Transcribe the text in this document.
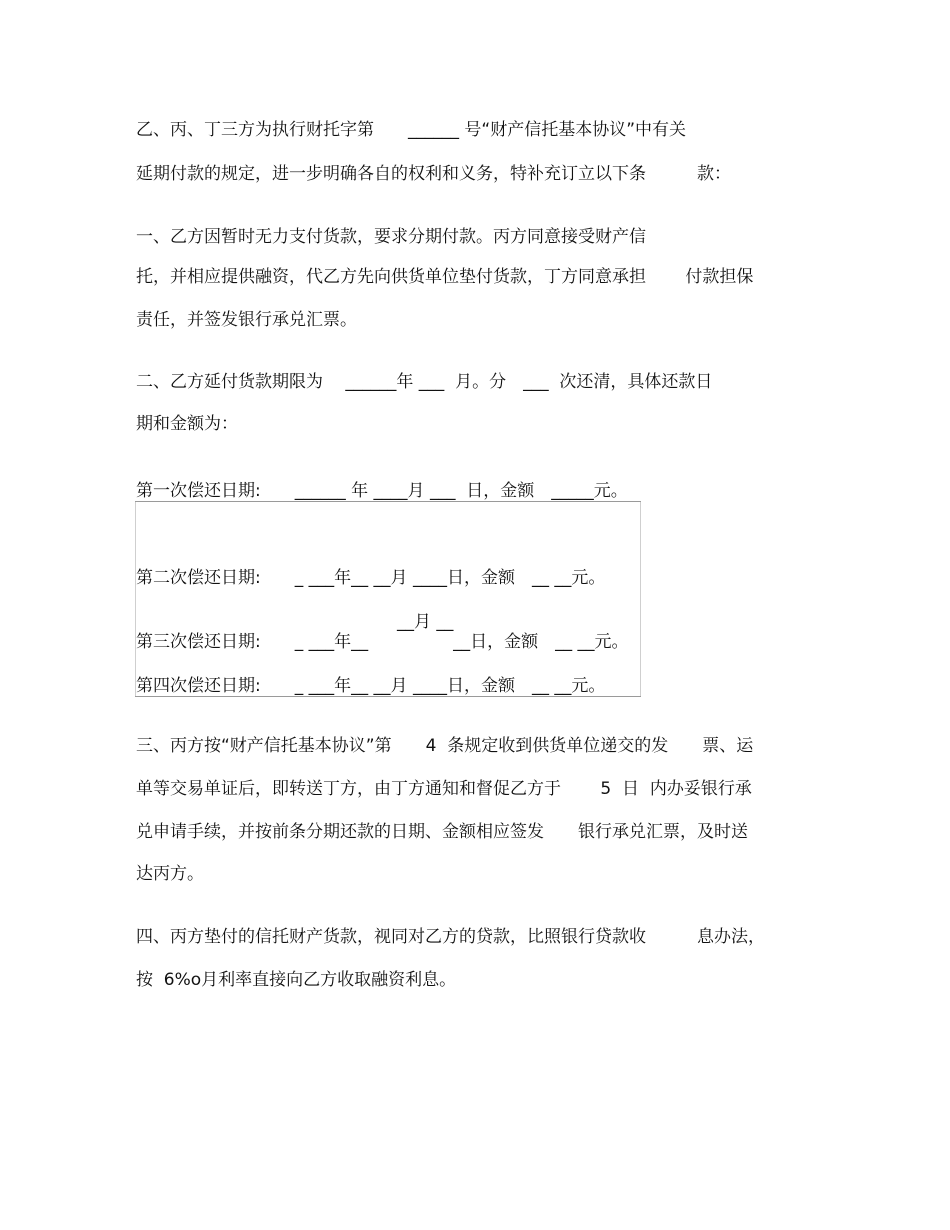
乙、丙、丁三方为执行财托字第　　______ 号“财产信托基本协议”中有关
延期付款的规定，进一步明确各自的权利和义务，特补充订立以下条　　　款：
一、乙方因暂时无力支付货款，要求分期付款。丙方同意接受财产信
托，并相应提供融资，代乙方先向供货单位垫付货款，丁方同意承担　　 付款担保
责任，并签发银行承兑汇票。
二、乙方延付货款期限为　 ______年 ___  月。分　___  次还清，具体还款日
期和金额为：
第一次偿还日期:　　______ 年 ____月 ___  日，金额　_____元。
第二次偿还日期:　　_ ___年__ __月 ____日，金额　__ __元。
__月 __
第三次偿还日期:　　_ ___年__　　　　　__日，金额　__ __元。
第四次偿还日期:　　_ ___年__ __月 ____日，金额　__ __元。
三、丙方按“财产信托基本协议”第　　4  条规定收到供货单位递交的发　　票、运
单等交易单证后，即转送丁方，由丁方通知和督促乙方于　　 5  日  内办妥银行承
兑申请手续，并按前条分期还款的日期、金额相应签发　　银行承兑汇票，及时送
达丙方。
四、丙方垫付的信托财产货款，视同对乙方的贷款，比照银行贷款收　　　息办法，
按  6%o月利率直接向乙方收取融资利息。
